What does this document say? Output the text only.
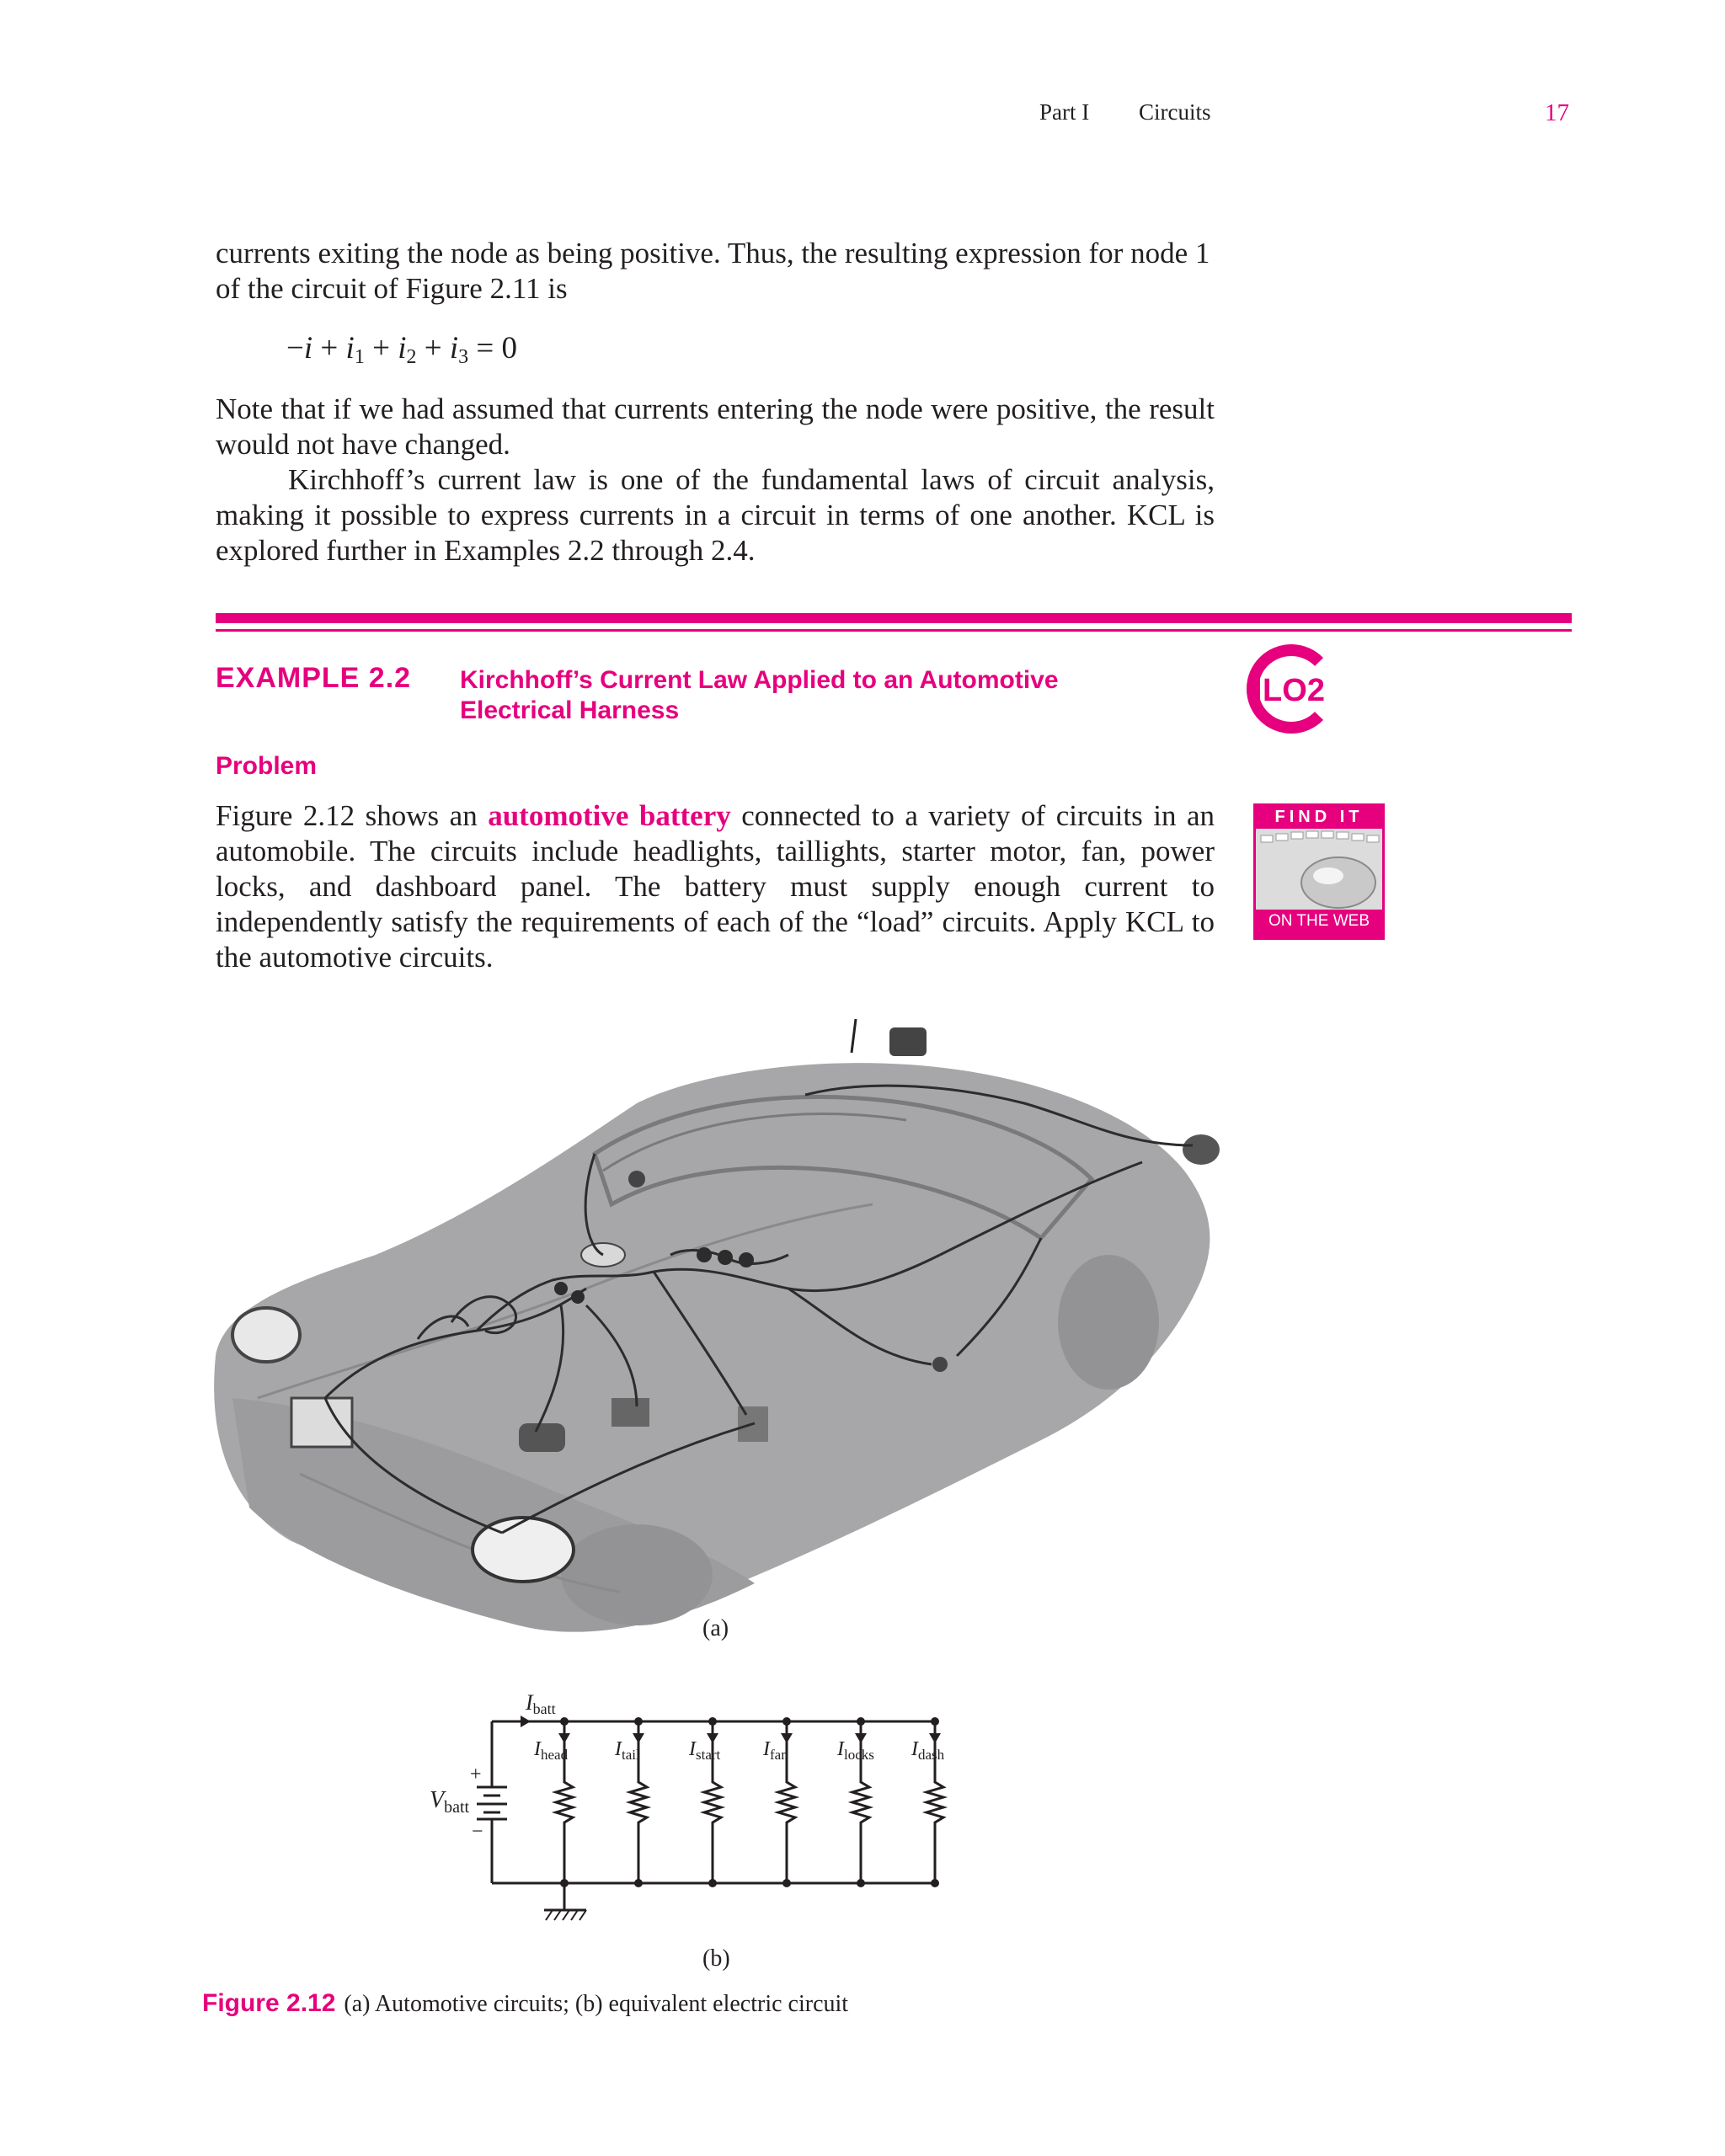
Part I Circuits	17
currents exiting the node as being positive. Thus, the resulting expression for node 1
of the circuit of Figure 2.11 is
$-i + i_1 + i_2 + i_3 = 0$

Note that if we had assumed that currents entering the node were positive, the result would not have changed.

Kirchhoff’s current law is one of the fundamental laws of circuit analysis, making it possible to express currents in a circuit in terms of one another. KCL is explored further in Examples 2.2 through 2.4.

EXAMPLE 2.2 Kirchhoff’s Current Law Applied to an Automotive
Electrical Harness
LO2
Problem

Figure 2.12 shows an automotive battery connected to a variety of circuits in an automobile. The circuits include headlights, taillights, starter motor, fan, power locks, and dashboard panel. The battery must supply enough current to independently satisfy the requirements of each of the “load” circuits. Apply KCL to the automotive circuits.

FIND IT
ON THE WEB
(a)
$V_{batt}$
+
−
Ibatt
$I_{head}$ $I_{tail}$ $I_{start}$ $I_{fan}$ $I_{locks}$ $I_{dash}$
(b)
Figure 2.12 (a) Automotive circuits; (b) equivalent electric circuit
